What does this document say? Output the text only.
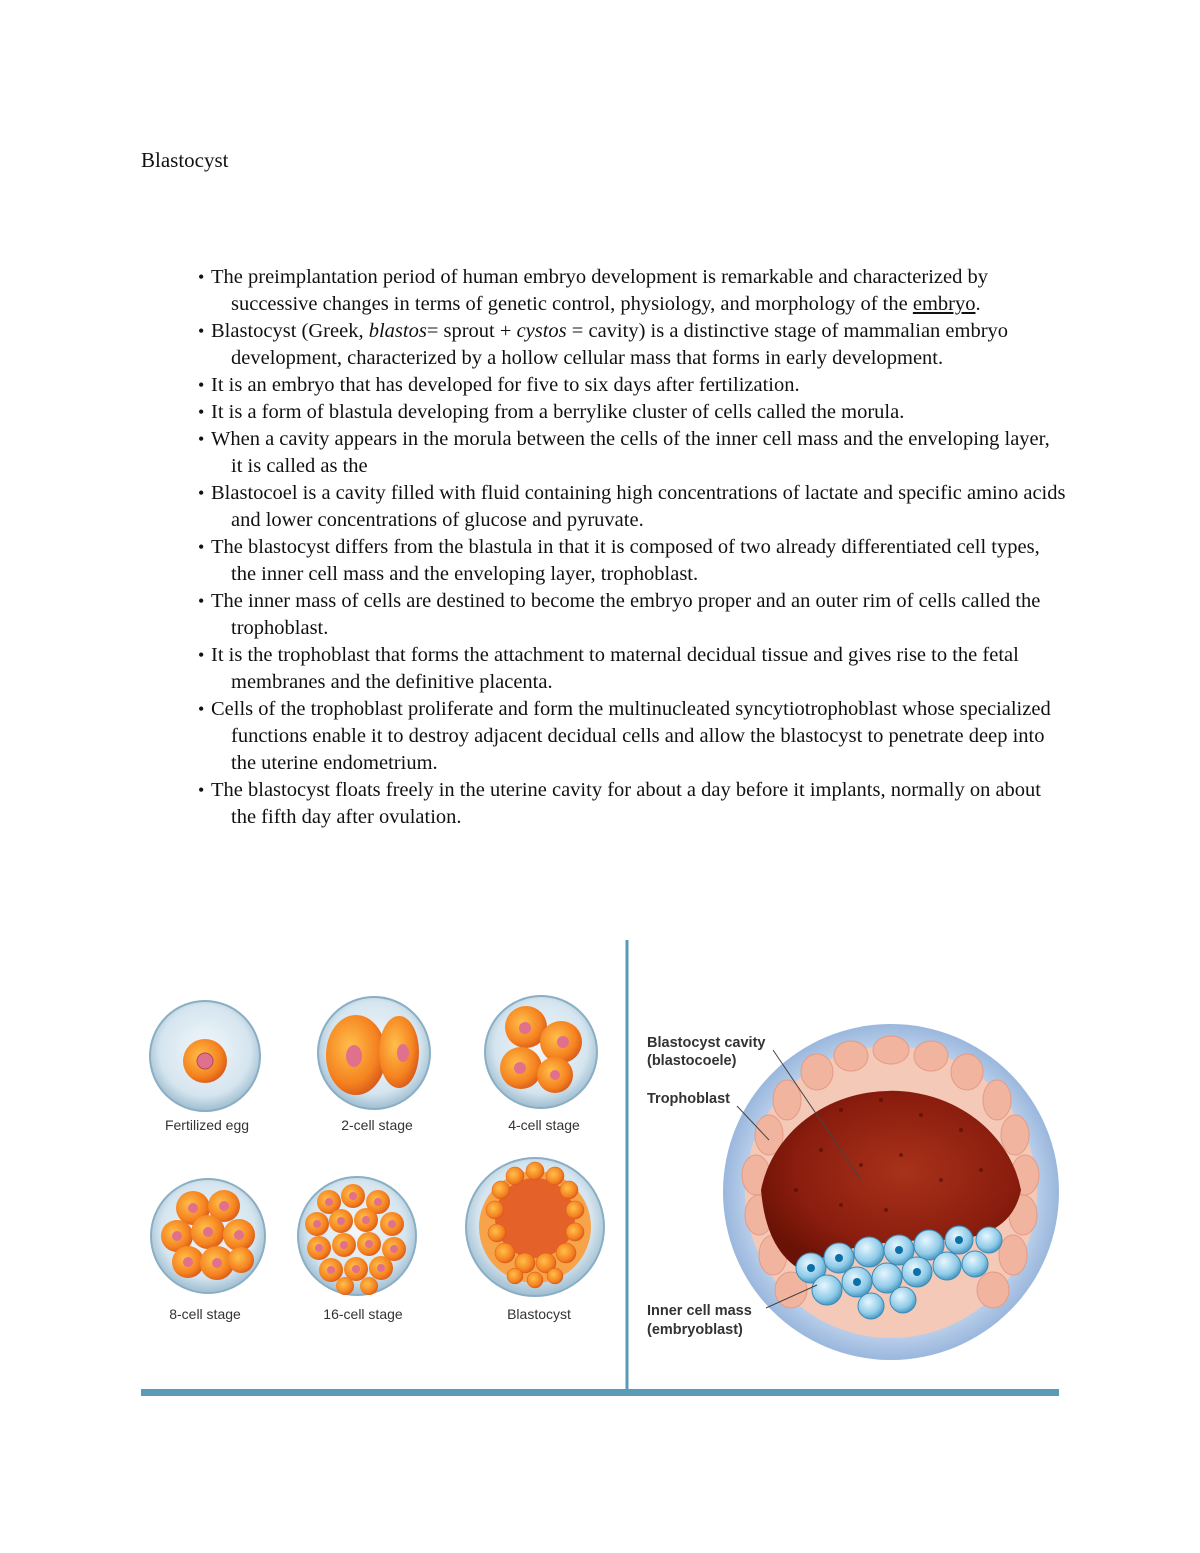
Blastocyst
• The preimplantation period of human embryo development is remarkable and characterized by successive changes in terms of genetic control, physiology, and morphology of the embryo.
• Blastocyst (Greek, blastos= sprout + cystos = cavity) is a distinctive stage of mammalian embryo development, characterized by a hollow cellular mass that forms in early development.
• It is an embryo that has developed for five to six days after fertilization.
• It is a form of blastula developing from a berrylike cluster of cells called the morula.
• When a cavity appears in the morula between the cells of the inner cell mass and the enveloping layer, it is called as the
• Blastocoel is a cavity filled with fluid containing high concentrations of lactate and specific amino acids and lower concentrations of glucose and pyruvate.
• The blastocyst differs from the blastula in that it is composed of two already differentiated cell types, the inner cell mass and the enveloping layer, trophoblast.
• The inner mass of cells are destined to become the embryo proper and an outer rim of cells called the trophoblast.
• It is the trophoblast that forms the attachment to maternal decidual tissue and gives rise to the fetal membranes and the definitive placenta.
• Cells of the trophoblast proliferate and form the multinucleated syncytiotrophoblast whose specialized functions enable it to destroy adjacent decidual cells and allow the blastocyst to penetrate deep into the uterine endometrium.
• The blastocyst floats freely in the uterine cavity for about a day before it implants, normally on about the fifth day after ovulation.
Fertilized egg	2-cell stage	4-cell stage
8-cell stage	16-cell stage	Blastocyst
Blastocyst cavity
(blastocoele)
Trophoblast
Inner cell mass
(embryoblast)
